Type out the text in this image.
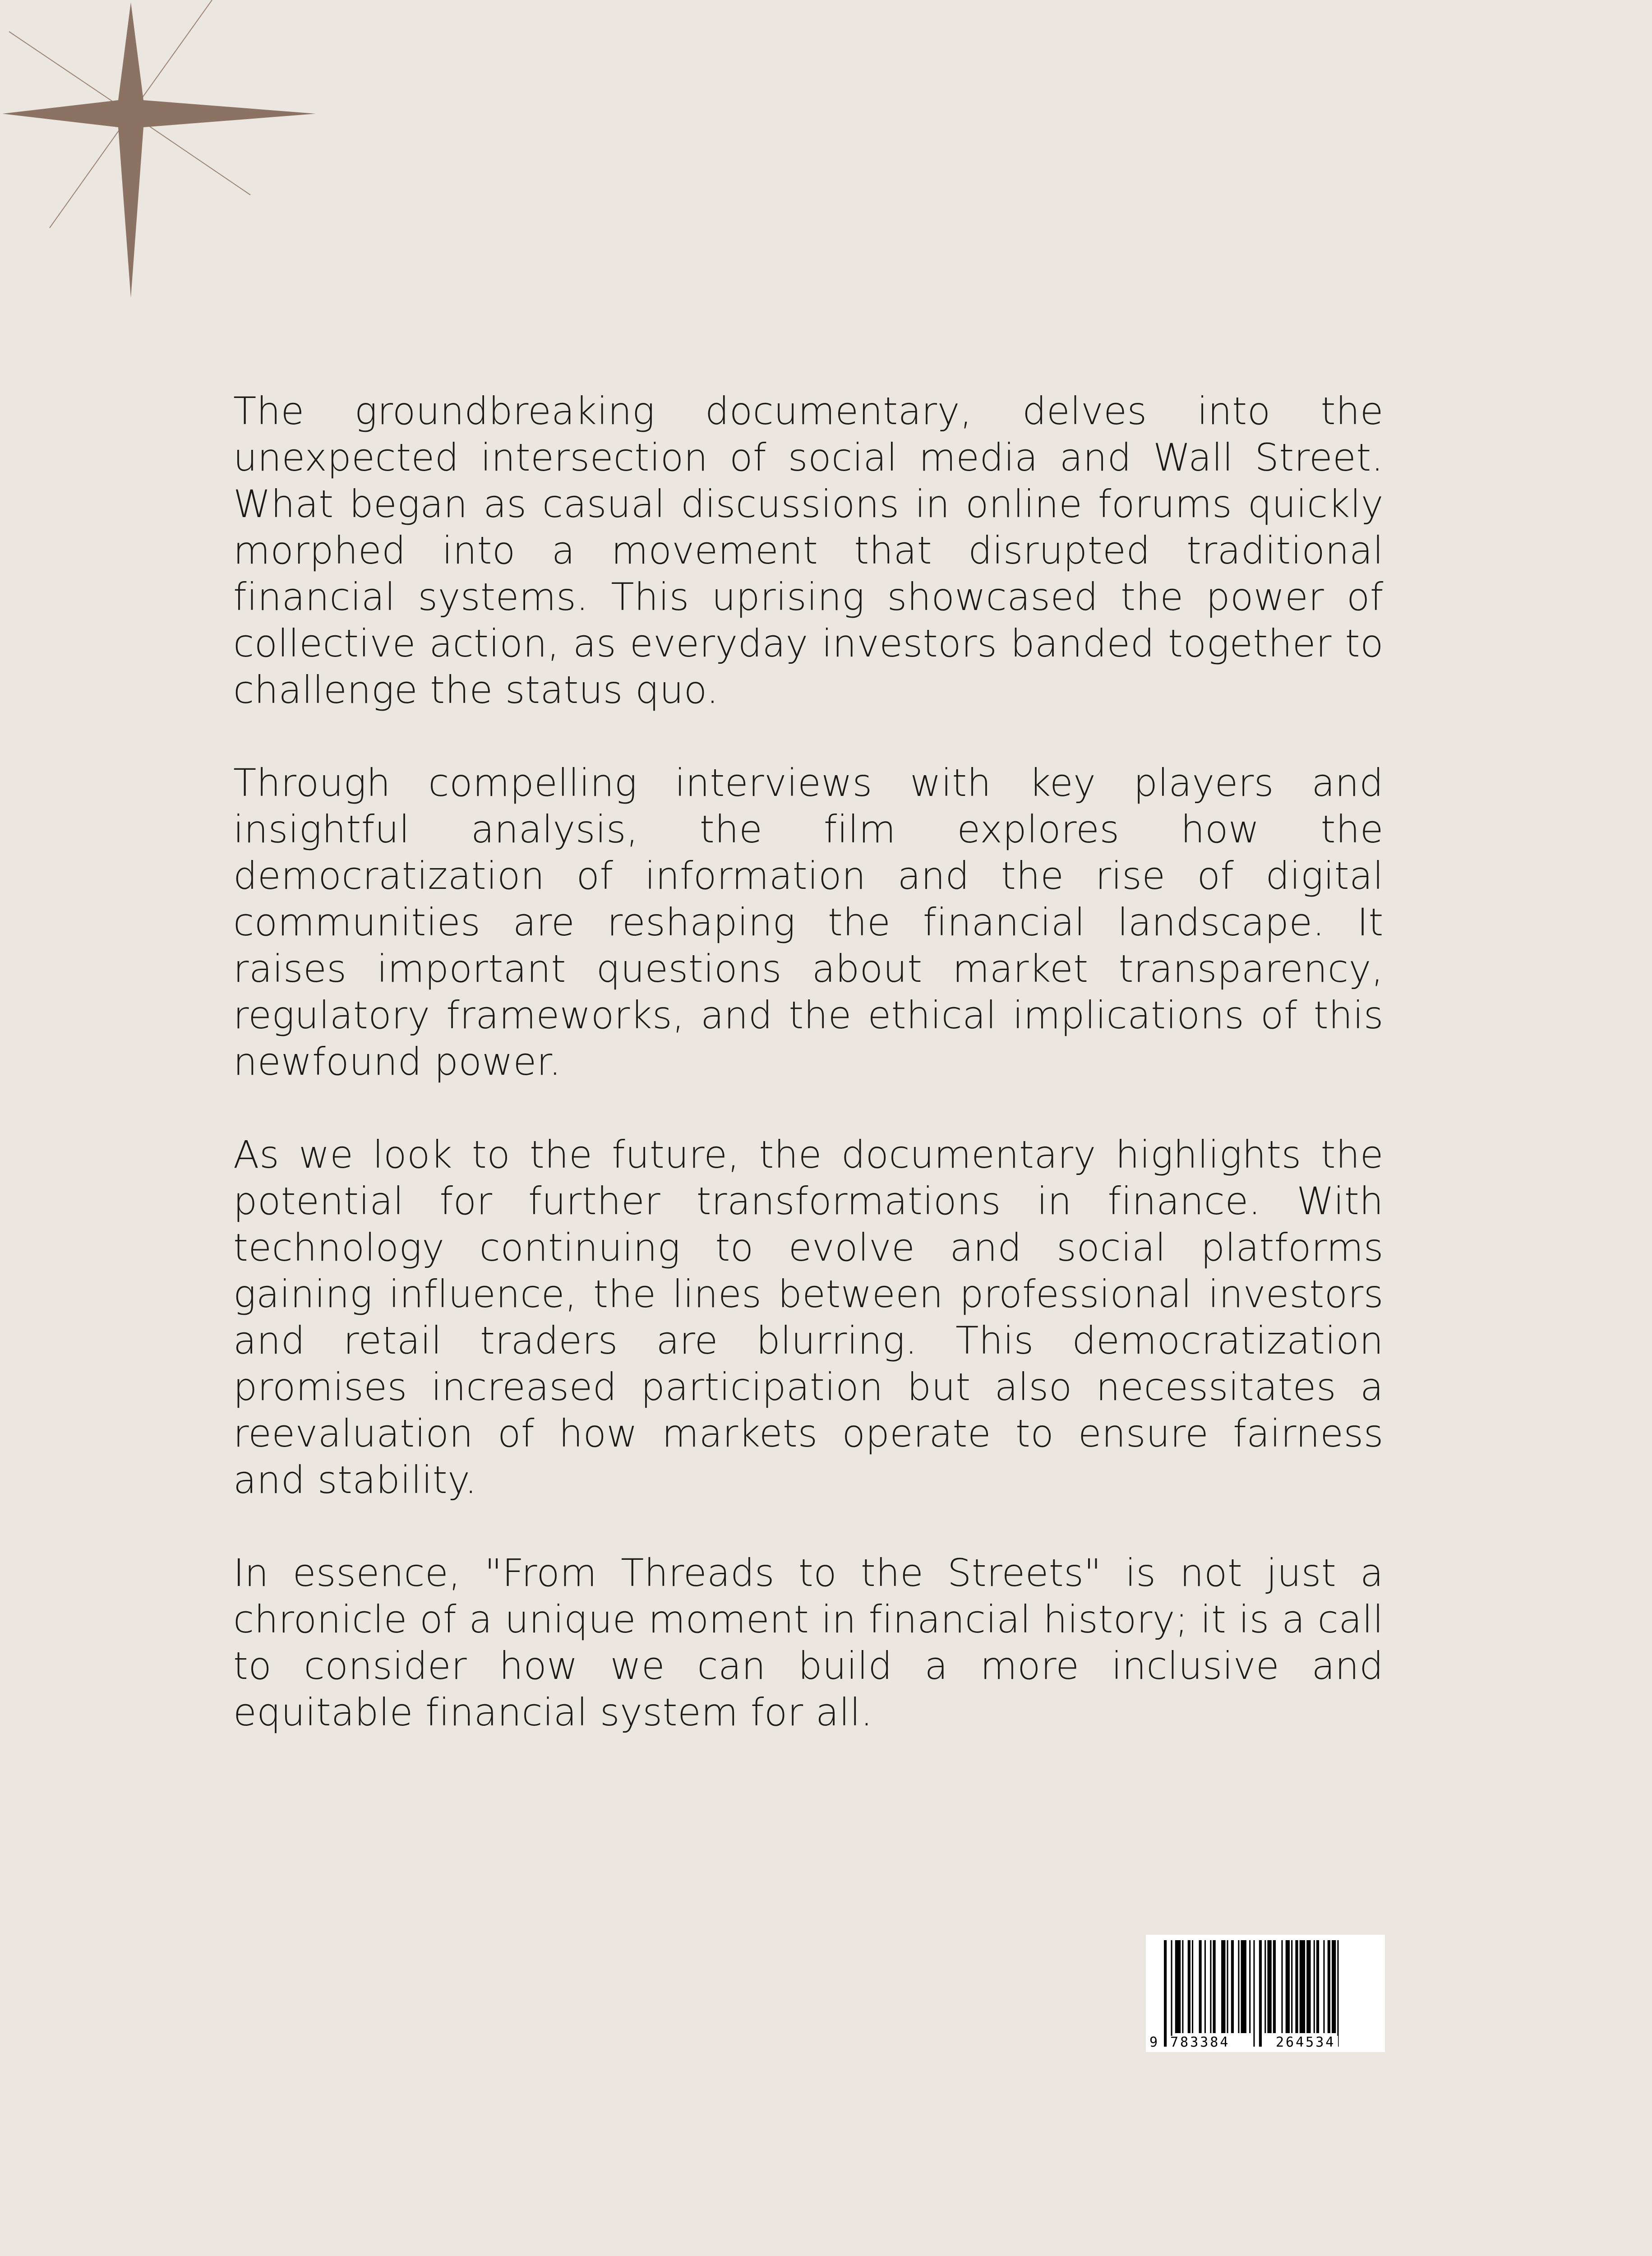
The groundbreaking documentary, delves into the unexpected intersection of social media and Wall Street. What began as casual discussions in online forums quickly morphed into a movement that disrupted traditional financial systems. This uprising showcased the power of collective action, as everyday investors banded together to challenge the status quo.

Through compelling interviews with key players and insightful analysis, the film explores how the democratization of information and the rise of digital communities are reshaping the financial landscape. It raises important questions about market transparency, regulatory frameworks, and the ethical implications of this newfound power.

As we look to the future, the documentary highlights the potential for further transformations in finance. With technology continuing to evolve and social platforms gaining influence, the lines between professional investors and retail traders are blurring. This democratization promises increased participation but also necessitates a reevaluation of how markets operate to ensure fairness and stability.

In essence, "From Threads to the Streets" is not just a chronicle of a unique moment in financial history; it is a call to consider how we can build a more inclusive and equitable financial system for all.

9 783384	264534
